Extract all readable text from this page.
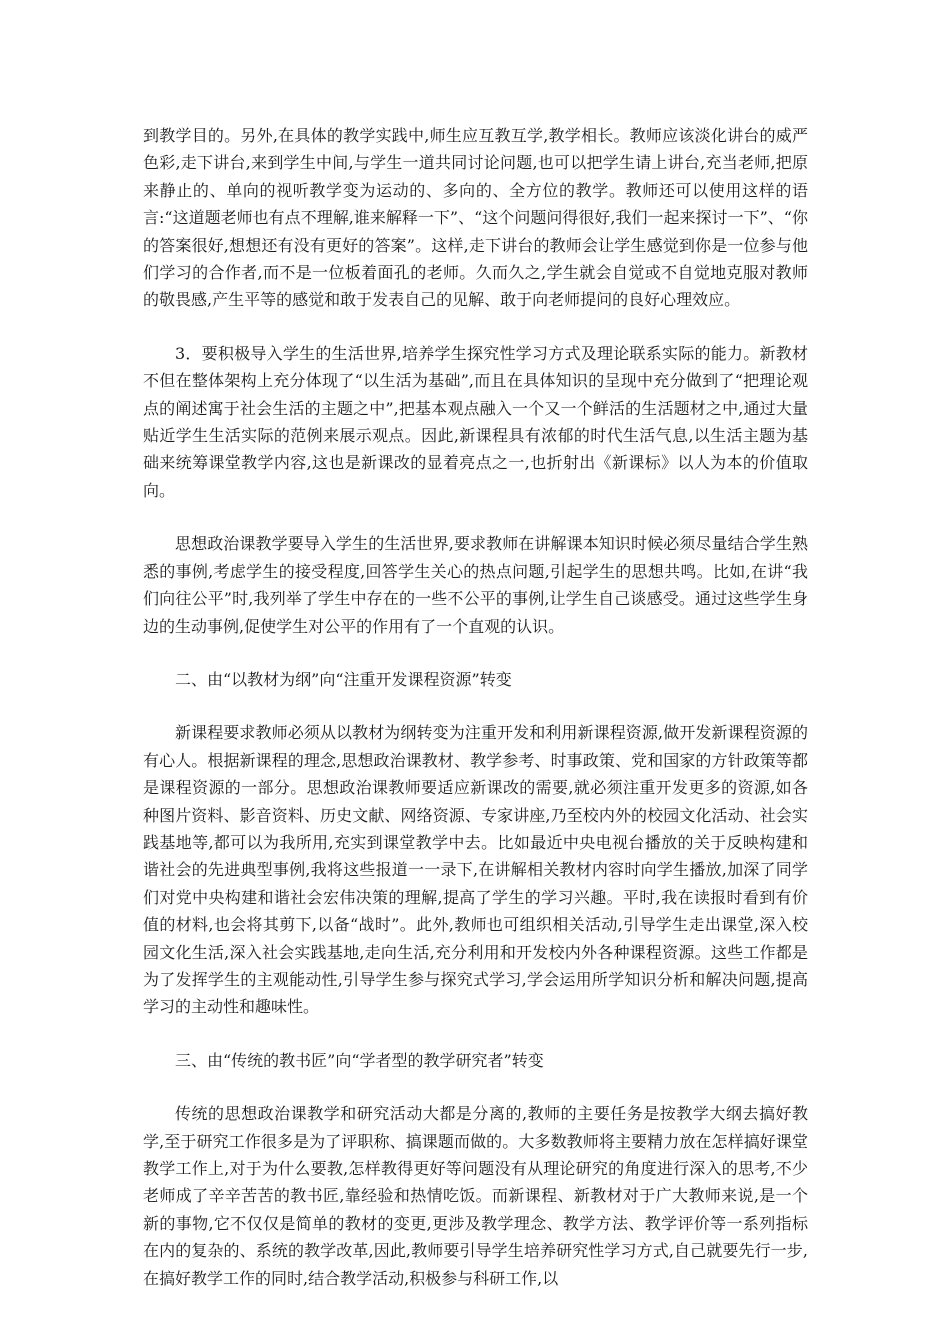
到教学目的。另外,在具体的教学实践中,师生应互教互学,教学相长。教师应该淡化讲台的威严色彩,走下讲台,来到学生中间,与学生一道共同讨论问题,也可以把学生请上讲台,充当老师,把原来静止的、单向的视听教学变为运动的、多向的、全方位的教学。教师还可以使用这样的语言:“这道题老师也有点不理解,谁来解释一下”、“这个问题问得很好,我们一起来探讨一下”、“你的答案很好,想想还有没有更好的答案”。这样,走下讲台的教师会让学生感觉到你是一位参与他们学习的合作者,而不是一位板着面孔的老师。久而久之,学生就会自觉或不自觉地克服对教师的敬畏感,产生平等的感觉和敢于发表自己的见解、敢于向老师提问的良好心理效应。

3．要积极导入学生的生活世界,培养学生探究性学习方式及理论联系实际的能力。新教材不但在整体架构上充分体现了“以生活为基础”,而且在具体知识的呈现中充分做到了“把理论观点的阐述寓于社会生活的主题之中”,把基本观点融入一个又一个鲜活的生活题材之中,通过大量贴近学生生活实际的范例来展示观点。因此,新课程具有浓郁的时代生活气息,以生活主题为基础来统筹课堂教学内容,这也是新课改的显着亮点之一,也折射出《新课标》以人为本的价值取向。

思想政治课教学要导入学生的生活世界,要求教师在讲解课本知识时候必须尽量结合学生熟悉的事例,考虑学生的接受程度,回答学生关心的热点问题,引起学生的思想共鸣。比如,在讲“我们向往公平”时,我列举了学生中存在的一些不公平的事例,让学生自己谈感受。通过这些学生身边的生动事例,促使学生对公平的作用有了一个直观的认识。

二、由“以教材为纲”向“注重开发课程资源”转变

新课程要求教师必须从以教材为纲转变为注重开发和利用新课程资源,做开发新课程资源的有心人。根据新课程的理念,思想政治课教材、教学参考、时事政策、党和国家的方针政策等都是课程资源的一部分。思想政治课教师要适应新课改的需要,就必须注重开发更多的资源,如各种图片资料、影音资料、历史文献、网络资源、专家讲座,乃至校内外的校园文化活动、社会实践基地等,都可以为我所用,充实到课堂教学中去。比如最近中央电视台播放的关于反映构建和谐社会的先进典型事例,我将这些报道一一录下,在讲解相关教材内容时向学生播放,加深了同学们对党中央构建和谐社会宏伟决策的理解,提高了学生的学习兴趣。平时,我在读报时看到有价值的材料,也会将其剪下,以备“战时”。此外,教师也可组织相关活动,引导学生走出课堂,深入校园文化生活,深入社会实践基地,走向生活,充分利用和开发校内外各种课程资源。这些工作都是为了发挥学生的主观能动性,引导学生参与探究式学习,学会运用所学知识分析和解决问题,提高学习的主动性和趣味性。

三、由“传统的教书匠”向“学者型的教学研究者”转变

传统的思想政治课教学和研究活动大都是分离的,教师的主要任务是按教学大纲去搞好教学,至于研究工作很多是为了评职称、搞课题而做的。大多数教师将主要精力放在怎样搞好课堂教学工作上,对于为什么要教,怎样教得更好等问题没有从理论研究的角度进行深入的思考,不少老师成了辛辛苦苦的教书匠,靠经验和热情吃饭。而新课程、新教材对于广大教师来说,是一个新的事物,它不仅仅是简单的教材的变更,更涉及教学理念、教学方法、教学评价等一系列指标在内的复杂的、系统的教学改革,因此,教师要引导学生培养研究性学习方式,自己就要先行一步,在搞好教学工作的同时,结合教学活动,积极参与科研工作,以
